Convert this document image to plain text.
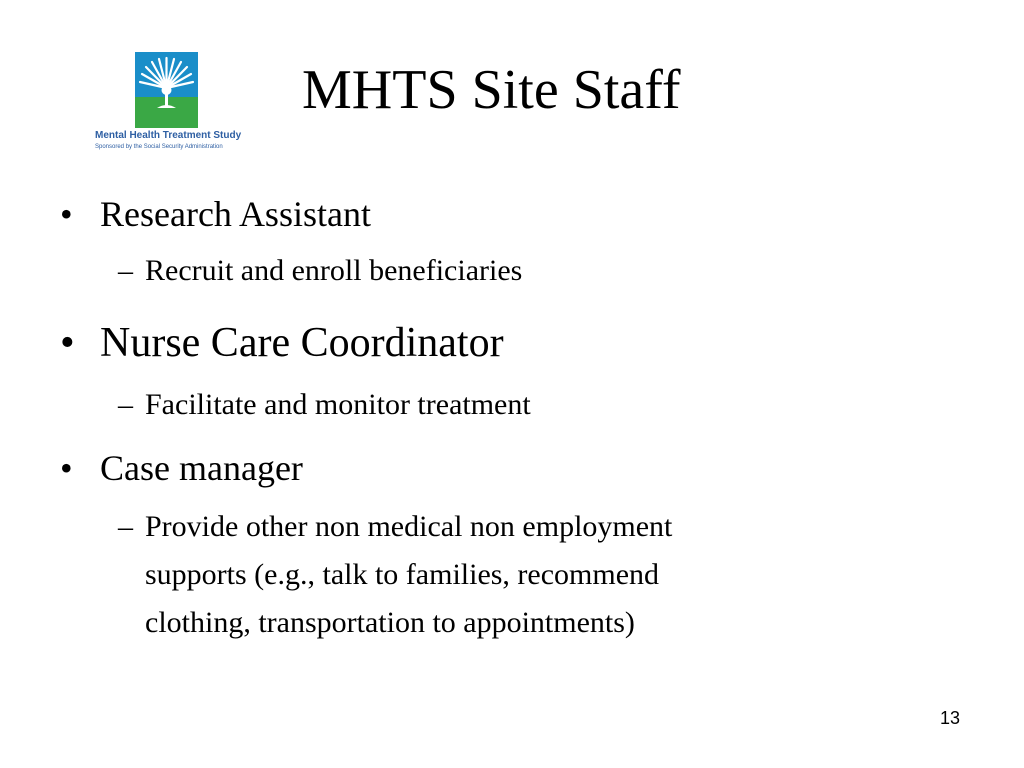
Mental Health Treatment Study
Sponsored by the Social Security Administration
MHTS Site Staff
• Research Assistant
– Recruit and enroll beneficiaries
• Nurse Care Coordinator
– Facilitate and monitor treatment
• Case manager
– Provide other non medical non employment
supports (e.g., talk to families, recommend
clothing, transportation to appointments)
13
